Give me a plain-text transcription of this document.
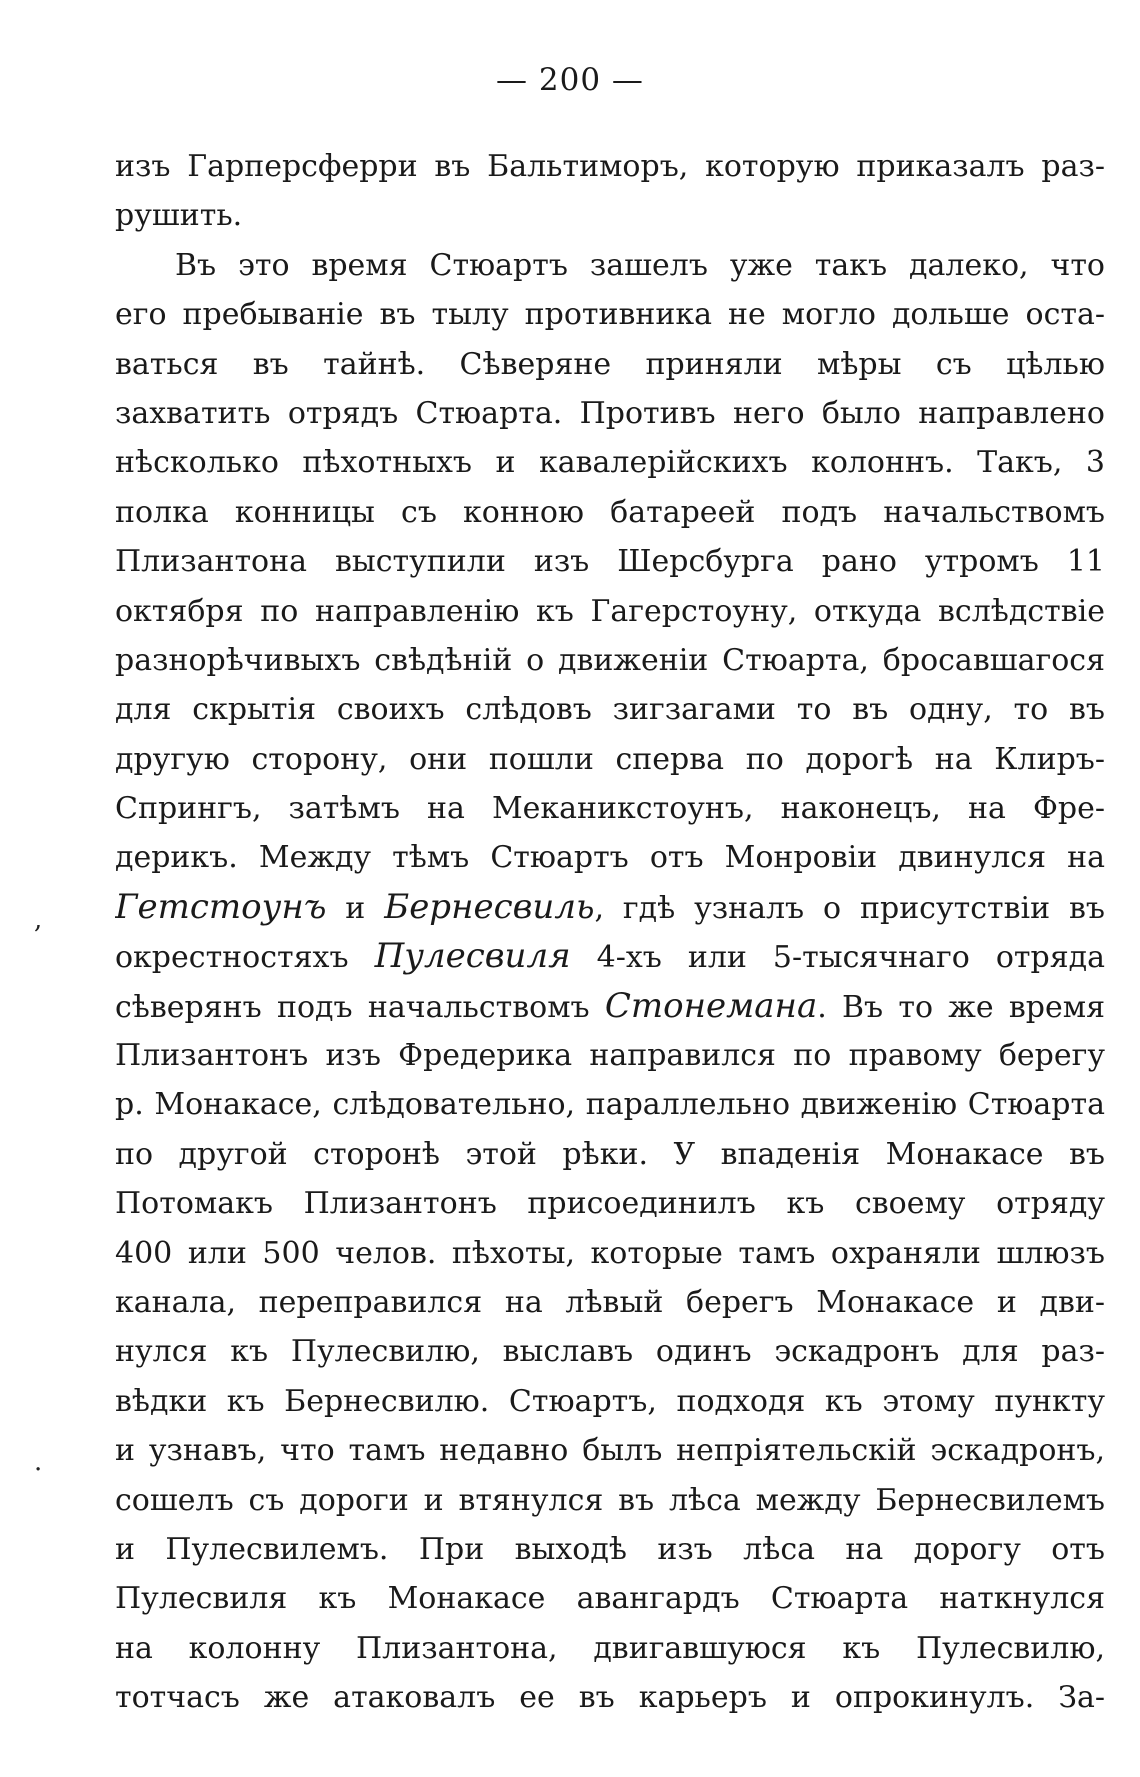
— 200 —
изъ Гарперсферри въ Бальтиморъ, которую приказалъ раз-
рушить.
Въ это время Стюартъ зашелъ уже такъ далеко, что
его пребываніе въ тылу противника не могло дольше оста-
ваться въ тайнѣ. Сѣверяне приняли мѣры съ цѣлью
захватить отрядъ Стюарта. Противъ него было направлено
нѣсколько пѣхотныхъ и кавалерійскихъ колоннъ. Такъ, 3
полка конницы съ конною батареей подъ начальствомъ
Плизантона выступили изъ Шерсбурга рано утромъ 11
октября по направленію къ Гагерстоуну, откуда вслѣдствіе
разнорѣчивыхъ свѣдѣній о движеніи Стюарта, бросавшагося
для скрытія своихъ слѣдовъ зигзагами то въ одну, то въ
другую сторону, они пошли сперва по дорогѣ на Клиръ-
Спрингъ, затѣмъ на Меканикстоунъ, наконецъ, на Фре-
дерикъ. Между тѣмъ Стюартъ отъ Монровіи двинулся на
Гетстоунъ и Бернесвиль, гдѣ узналъ о присутствіи въ
окрестностяхъ Пулесвиля 4-хъ или 5-тысячнаго отряда
сѣверянъ подъ начальствомъ Стонемана. Въ то же время
Плизантонъ изъ Фредерика направился по правому берегу
р. Монакасе, слѣдовательно, параллельно движенію Стюарта
по другой сторонѣ этой рѣки. У впаденія Монакасе въ
Потомакъ Плизантонъ присоединилъ къ своему отряду
400 или 500 челов. пѣхоты, которые тамъ охраняли шлюзъ
канала, переправился на лѣвый берегъ Монакасе и дви-
нулся къ Пулесвилю, выславъ одинъ эскадронъ для раз-
вѣдки къ Бернесвилю. Стюартъ, подходя къ этому пункту
и узнавъ, что тамъ недавно былъ непріятельскій эскадронъ,
сошелъ съ дороги и втянулся въ лѣса между Бернесвилемъ
и Пулесвилемъ. При выходѣ изъ лѣса на дорогу отъ
Пулесвиля къ Монакасе авангардъ Стюарта наткнулся
на колонну Плизантона, двигавшуюся къ Пулесвилю,
тотчасъ же атаковалъ ее въ карьеръ и опрокинулъ. За-
,
·
